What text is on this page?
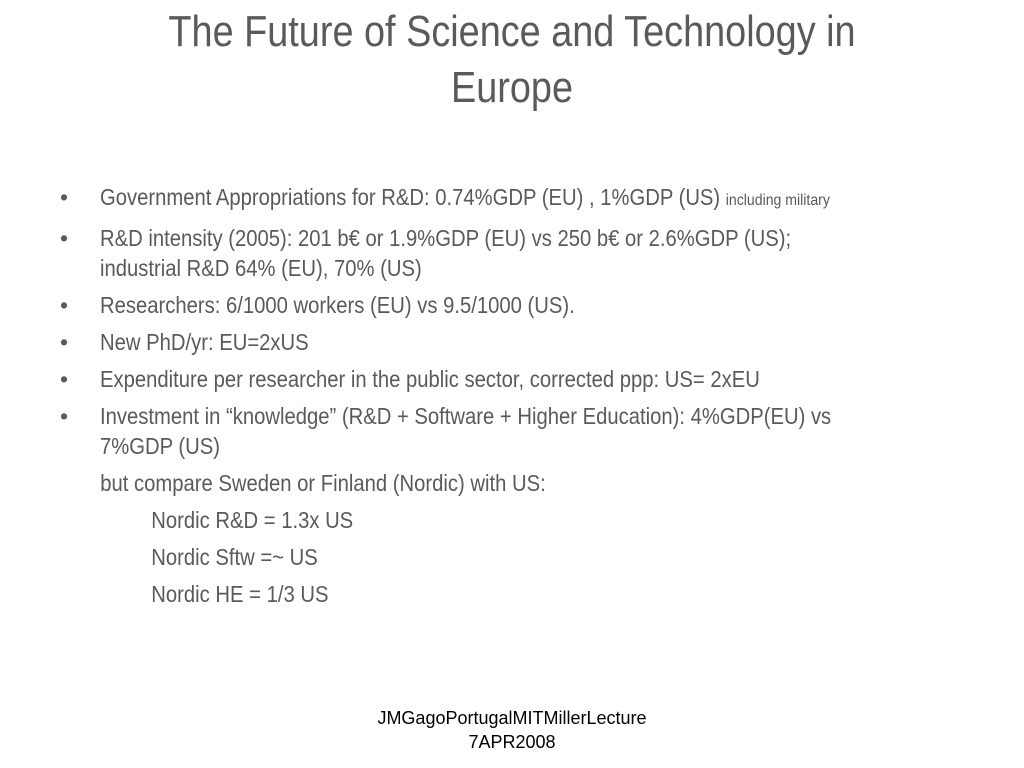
The Future of Science and Technology in
Europe
• Government Appropriations for R&D: 0.74%GDP (EU) , 1%GDP (US) including military
• R&D intensity (2005): 201 b€ or 1.9%GDP (EU) vs 250 b€ or 2.6%GDP (US);
industrial R&D 64% (EU), 70% (US)
• Researchers: 6/1000 workers (EU) vs 9.5/1000 (US).
• New PhD/yr: EU=2xUS
• Expenditure per researcher in the public sector, corrected ppp: US= 2xEU
• Investment in “knowledge” (R&D + Software + Higher Education): 4%GDP(EU) vs
7%GDP (US)
but compare Sweden or Finland (Nordic) with US:
Nordic R&D = 1.3x US
Nordic Sftw =~ US
Nordic HE = 1/3 US
JMGagoPortugalMITMillerLecture
7APR2008
